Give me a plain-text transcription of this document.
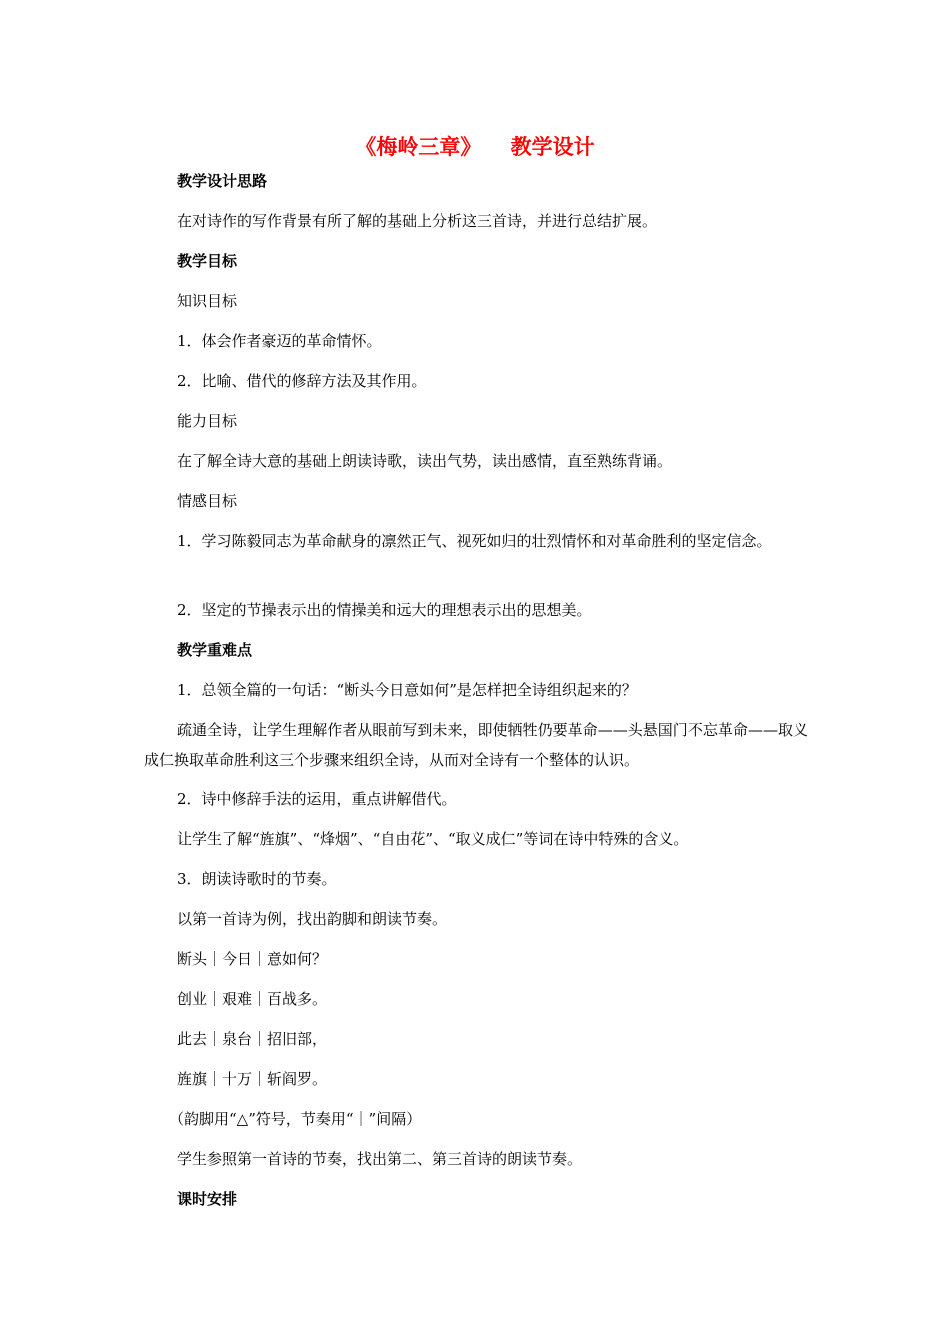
《梅岭三章》    教学设计
教学设计思路
在对诗作的写作背景有所了解的基础上分析这三首诗，并进行总结扩展。
教学目标
知识目标
1．体会作者豪迈的革命情怀。
2．比喻、借代的修辞方法及其作用。
能力目标
在了解全诗大意的基础上朗读诗歌，读出气势，读出感情，直至熟练背诵。
情感目标
1．学习陈毅同志为革命献身的凛然正气、视死如归的壮烈情怀和对革命胜利的坚定信念。
2．坚定的节操表示出的情操美和远大的理想表示出的思想美。
教学重难点
1．总领全篇的一句话：“断头今日意如何”是怎样把全诗组织起来的？
疏通全诗，让学生理解作者从眼前写到未来，即使牺牲仍要革命——头悬国门不忘革命——取义成仁换取革命胜利这三个步骤来组织全诗，从而对全诗有一个整体的认识。
2．诗中修辞手法的运用，重点讲解借代。
让学生了解“旌旗”、“烽烟”、“自由花”、“取义成仁”等词在诗中特殊的含义。
3．朗读诗歌时的节奏。
以第一首诗为例，找出韵脚和朗读节奏。
断头｜今日｜意如何？
创业｜艰难｜百战多。
此去｜泉台｜招旧部，
旌旗｜十万｜斩阎罗。
（韵脚用“△”符号，节奏用“｜”间隔）
学生参照第一首诗的节奏，找出第二、第三首诗的朗读节奏。
课时安排
